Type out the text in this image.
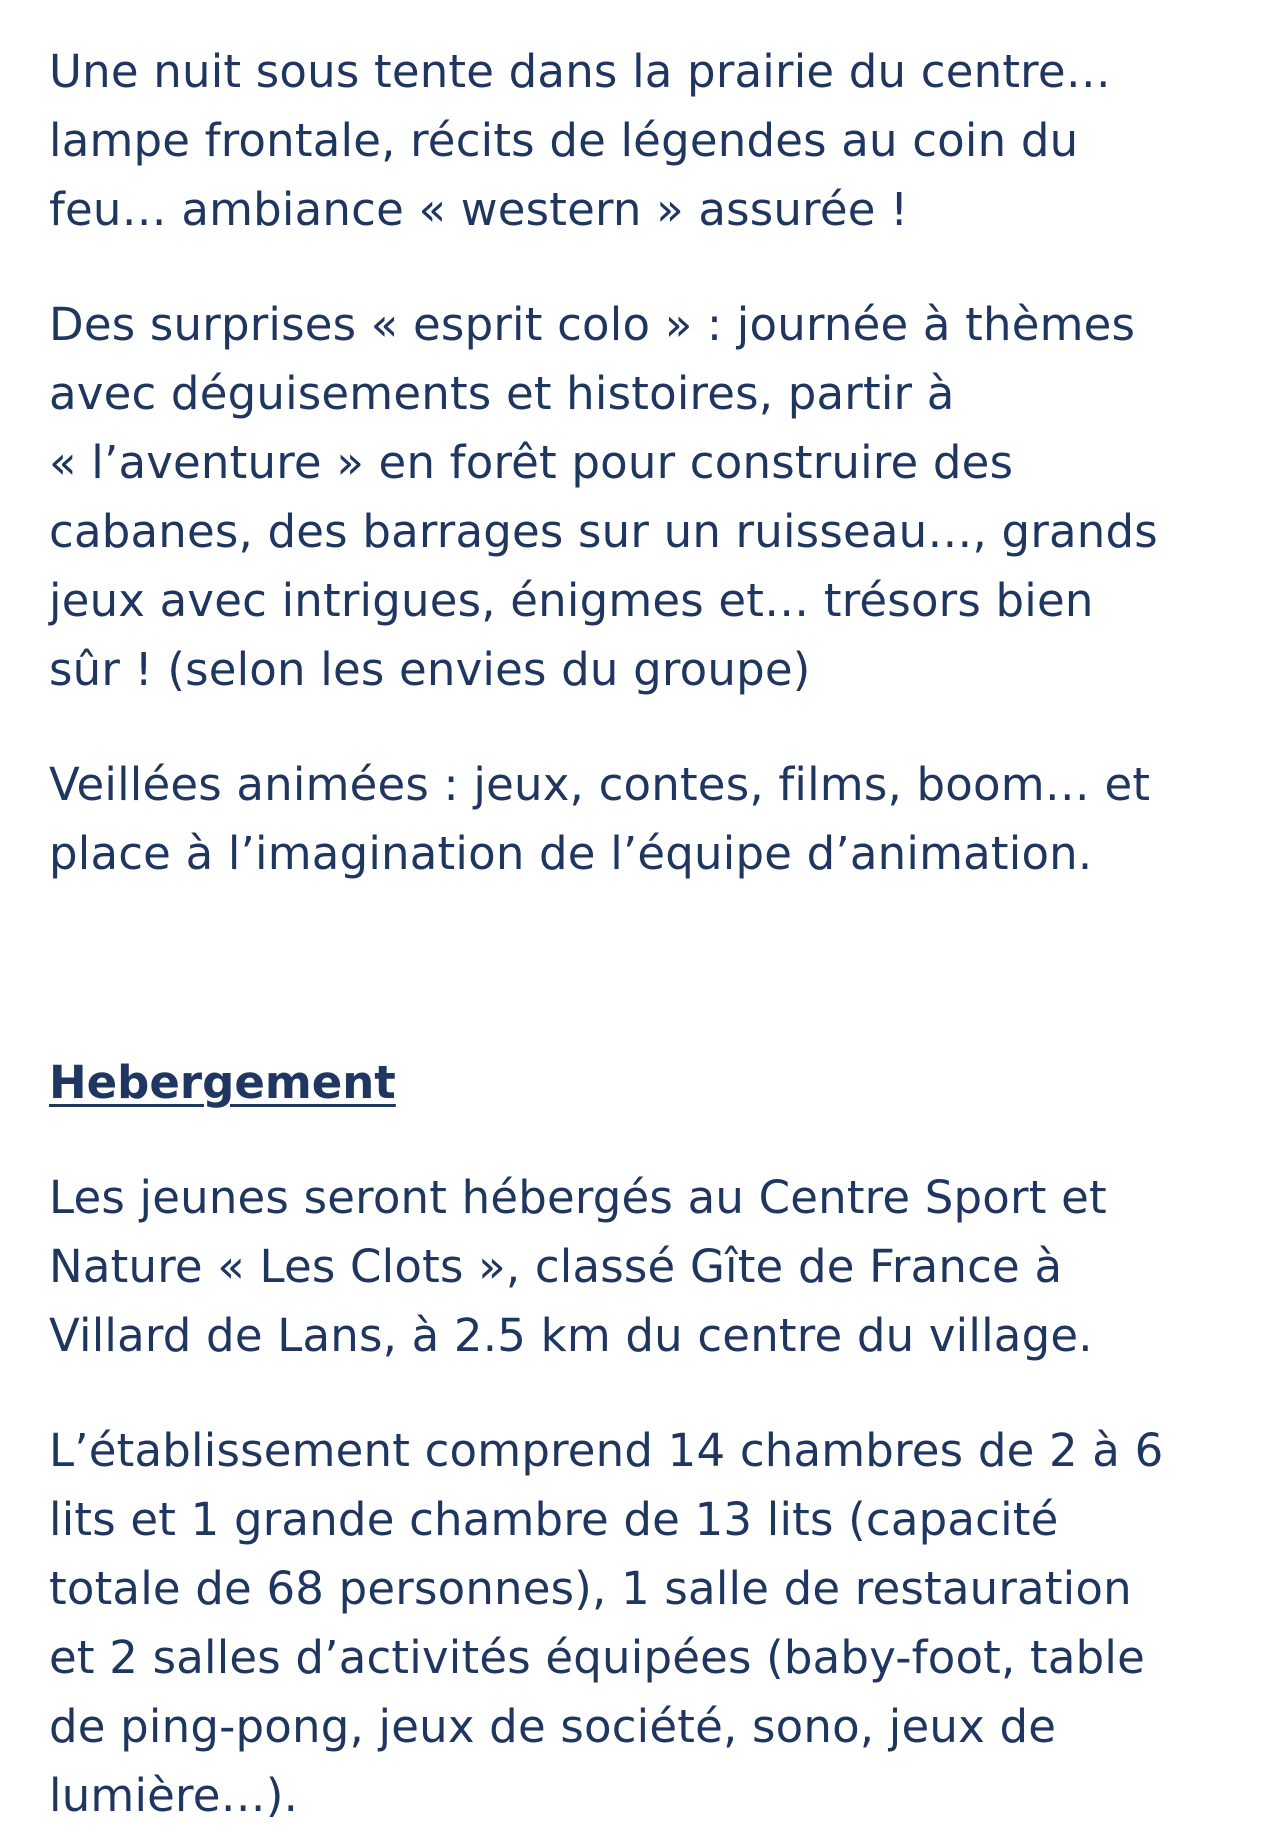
Une nuit sous tente dans la prairie du centre…
lampe frontale, récits de légendes au coin du
feu… ambiance « western » assurée !

Des surprises « esprit colo » : journée à thèmes
avec déguisements et histoires, partir à
« l’aventure » en forêt pour construire des
cabanes, des barrages sur un ruisseau…, grands
jeux avec intrigues, énigmes et… trésors bien
sûr ! (selon les envies du groupe)

Veillées animées : jeux, contes, films, boom… et
place à l’imagination de l’équipe d’animation.

Hebergement

Les jeunes seront hébergés au Centre Sport et
Nature « Les Clots », classé Gîte de France à
Villard de Lans, à 2.5 km du centre du village.

L’établissement comprend 14 chambres de 2 à 6
lits et 1 grande chambre de 13 lits (capacité
totale de 68 personnes), 1 salle de restauration
et 2 salles d’activités équipées (baby-foot, table
de ping-pong, jeux de société, sono, jeux de
lumière…).
